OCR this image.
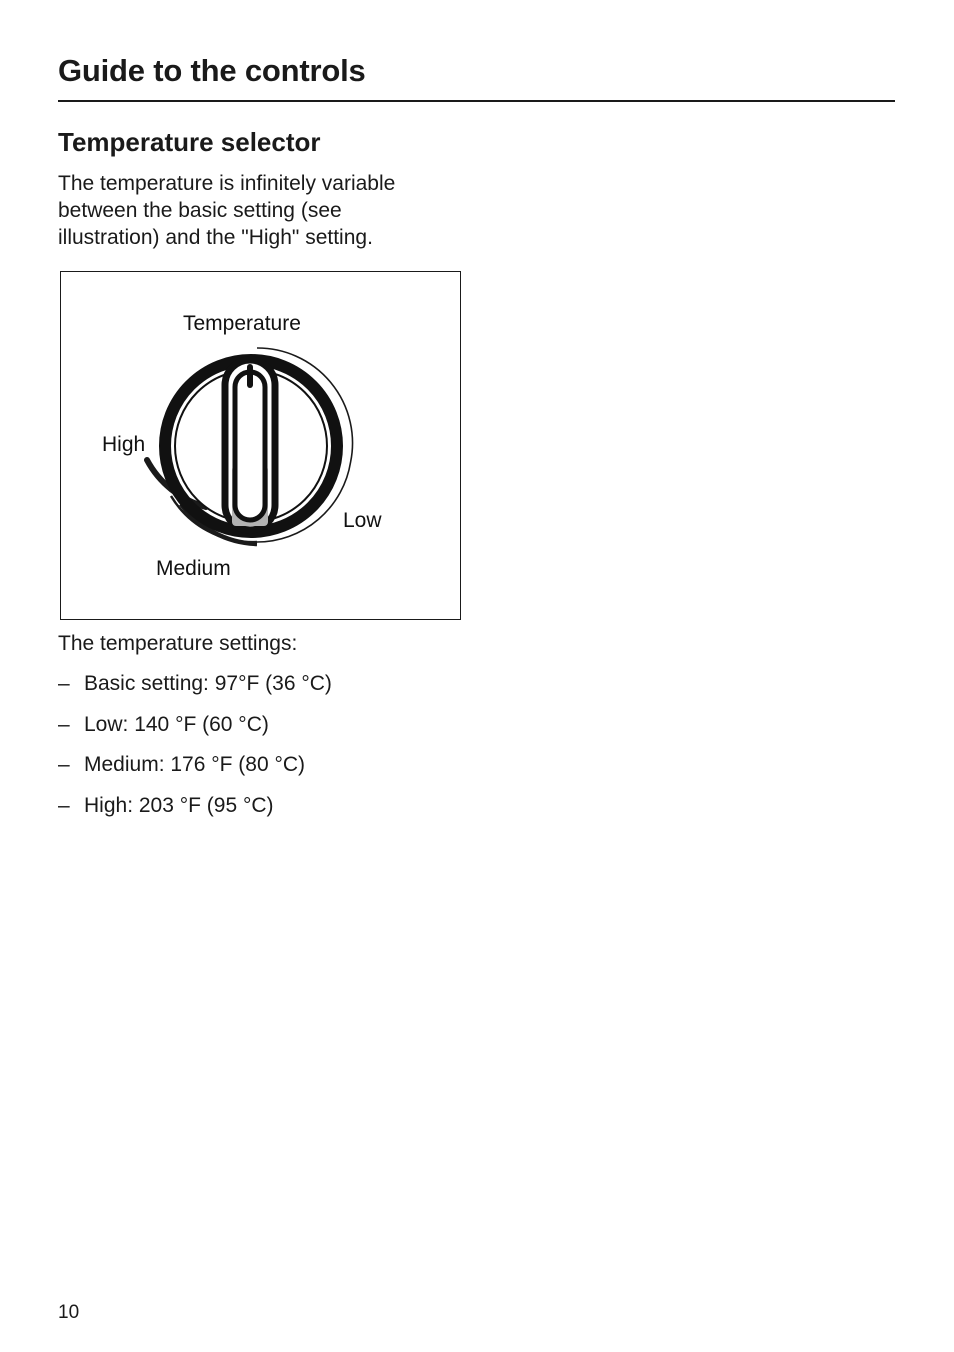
Guide to the controls
Temperature selector

The temperature is infinitely variable
between the basic setting (see
illustration) and the "High" setting.

Temperature
High
Low
Medium

The temperature settings:

– Basic setting: 97°F (36 °C)
– Low: 140 °F (60 °C)
– Medium: 176 °F (80 °C)
– High: 203 °F (95 °C)
10
